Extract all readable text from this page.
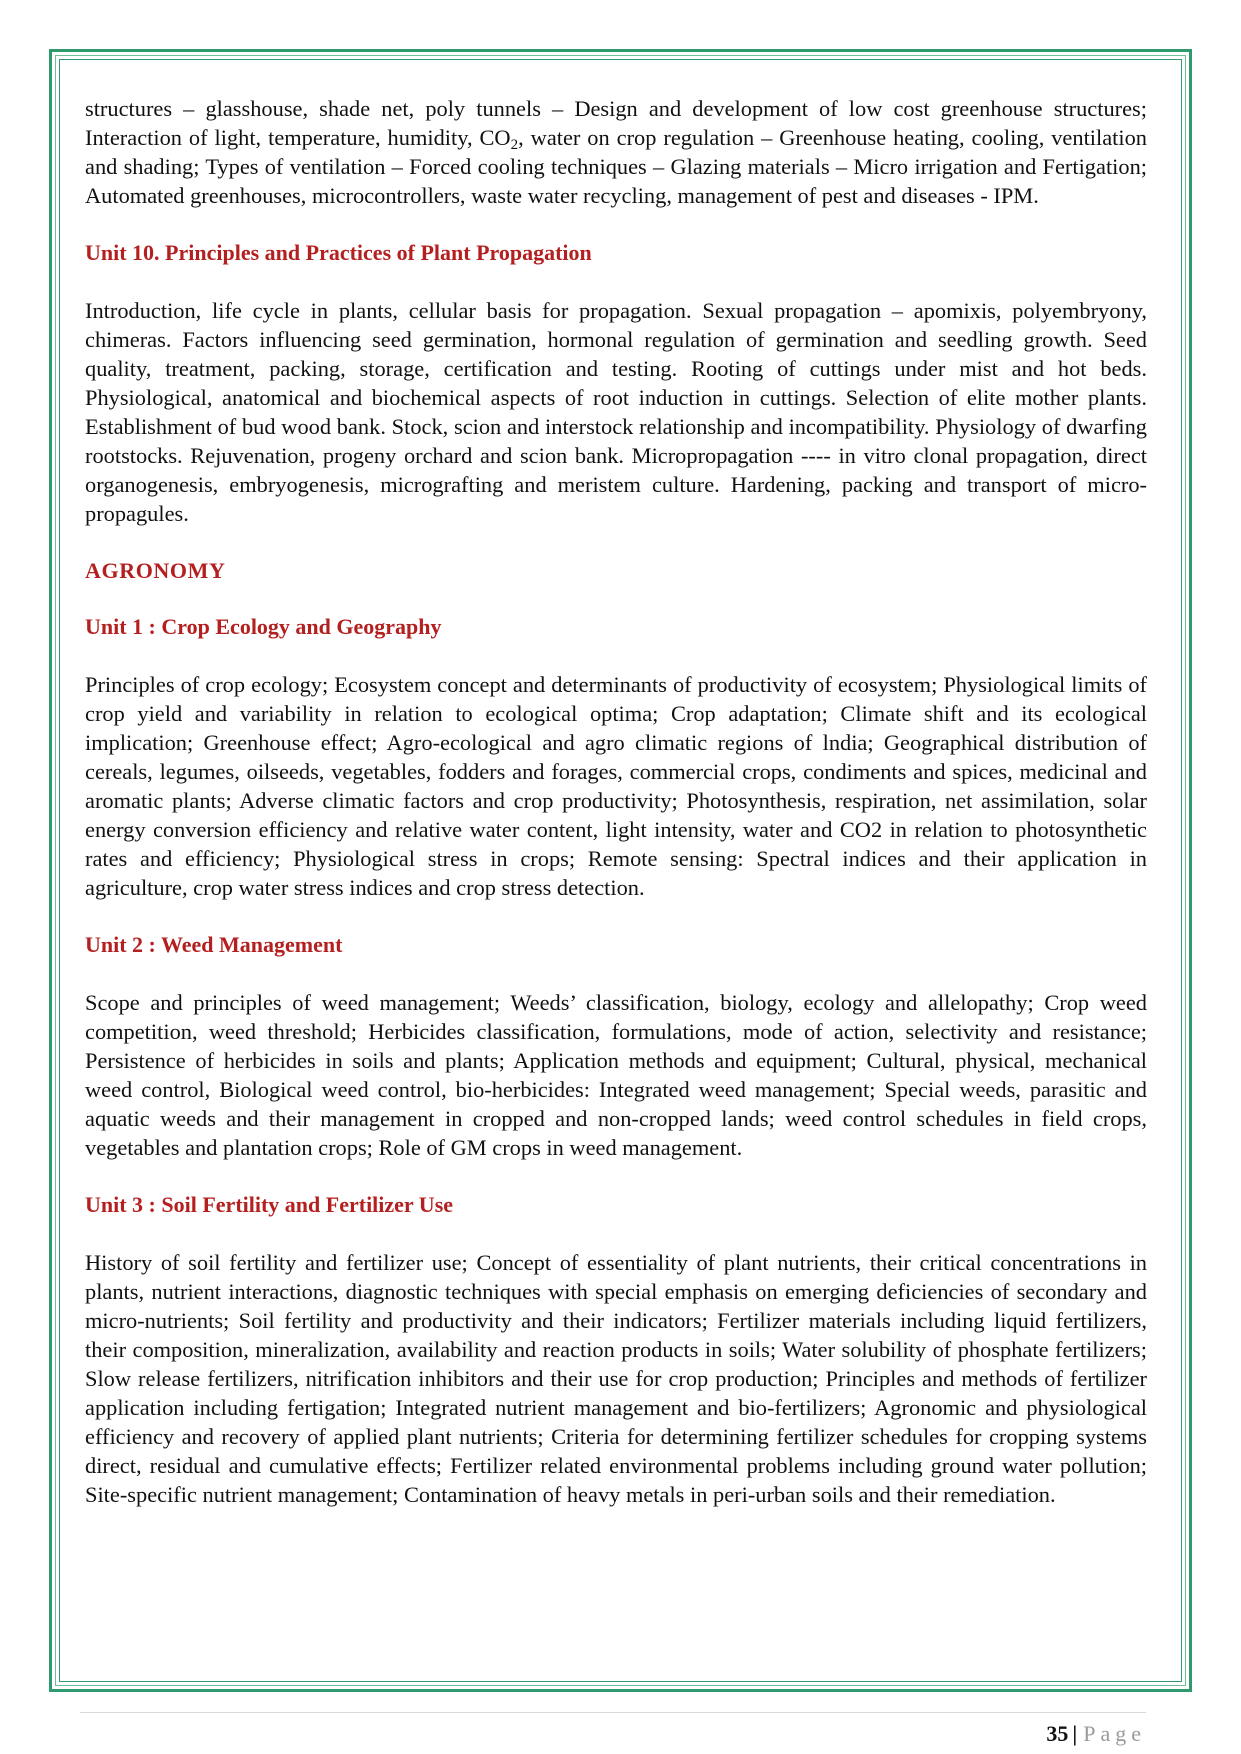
structures – glasshouse, shade net, poly tunnels – Design and development of low cost greenhouse structures; Interaction of light, temperature, humidity, $CO_2$, water on crop regulation – Greenhouse heating, cooling, ventilation and shading; Types of ventilation – Forced cooling techniques – Glazing materials – Micro irrigation and Fertigation; Automated greenhouses, microcontrollers, waste water recycling, management of pest and diseases - IPM.

Unit 10. Principles and Practices of Plant Propagation

Introduction, life cycle in plants, cellular basis for propagation. Sexual propagation – apomixis, polyembryony, chimeras. Factors influencing seed germination, hormonal regulation of germination and seedling growth. Seed quality, treatment, packing, storage, certification and testing. Rooting of cuttings under mist and hot beds. Physiological, anatomical and biochemical aspects of root induction in cuttings. Selection of elite mother plants. Establishment of bud wood bank. Stock, scion and interstock relationship and incompatibility. Physiology of dwarfing rootstocks. Rejuvenation, progeny orchard and scion bank. Micropropagation ---- in vitro clonal propagation, direct organogenesis, embryogenesis, micrografting and meristem culture. Hardening, packing and transport of micro-propagules.

AGRONOMY
Unit 1 : Crop Ecology and Geography

Principles of crop ecology; Ecosystem concept and determinants of productivity of ecosystem; Physiological limits of crop yield and variability in relation to ecological optima; Crop adaptation; Climate shift and its ecological implication; Greenhouse effect; Agro-ecological and agro climatic regions of lndia; Geographical distribution of cereals, legumes, oilseeds, vegetables, fodders and forages, commercial crops, condiments and spices, medicinal and aromatic plants; Adverse climatic factors and crop productivity; Photosynthesis, respiration, net assimilation, solar energy conversion efficiency and relative water content, light intensity, water and CO2 in relation to photosynthetic rates and efficiency; Physiological stress in crops; Remote sensing: Spectral indices and their application in agriculture, crop water stress indices and crop stress detection.

Unit 2 : Weed Management

Scope and principles of weed management; Weeds’ classification, biology, ecology and allelopathy; Crop weed competition, weed threshold; Herbicides classification, formulations, mode of action, selectivity and resistance; Persistence of herbicides in soils and plants; Application methods and equipment; Cultural, physical, mechanical weed control, Biological weed control, bio-herbicides: Integrated weed management; Special weeds, parasitic and aquatic weeds and their management in cropped and non-cropped lands; weed control schedules in field crops, vegetables and plantation crops; Role of GM crops in weed management.

Unit 3 : Soil Fertility and Fertilizer Use

History of soil fertility and fertilizer use; Concept of essentiality of plant nutrients, their critical concentrations in plants, nutrient interactions, diagnostic techniques with special emphasis on emerging deficiencies of secondary and micro-nutrients; Soil fertility and productivity and their indicators; Fertilizer materials including liquid fertilizers, their composition, mineralization, availability and reaction products in soils; Water solubility of phosphate fertilizers; Slow release fertilizers, nitrification inhibitors and their use for crop production; Principles and methods of fertilizer application including fertigation; Integrated nutrient management and bio-fertilizers; Agronomic and physiological efficiency and recovery of applied plant nutrients; Criteria for determining fertilizer schedules for cropping systems direct, residual and cumulative effects; Fertilizer related environmental problems including ground water pollution; Site-specific nutrient management; Contamination of heavy metals in peri-urban soils and their remediation.

35 | Page
